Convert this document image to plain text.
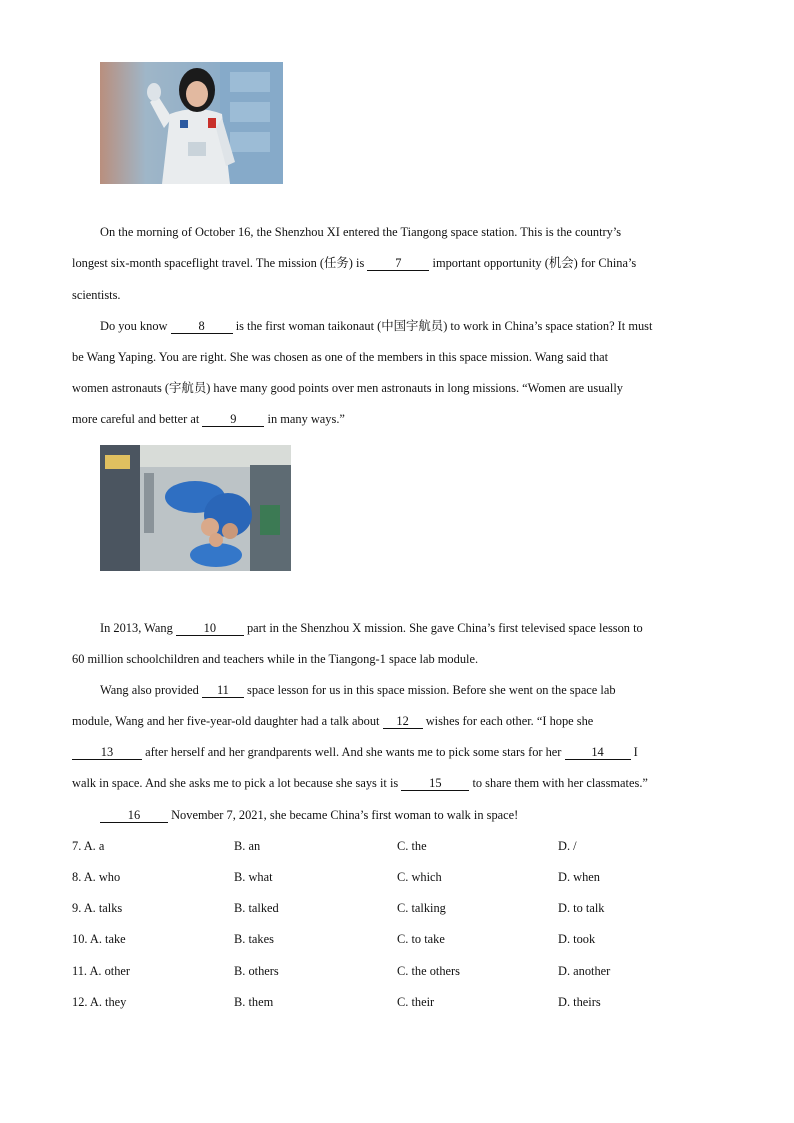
On the morning of October 16, the Shenzhou XI entered the Tiangong space station. This is the country’s
longest six-month spaceflight travel. The mission (任务) is	7	important opportunity (机会) for China’s
scientists.
Do you know	8	is the first woman taikonaut (中国宇航员) to work in China’s space station? It must
be Wang Yaping. You are right. She was chosen as one of the members in this space mission. Wang said that
women astronauts (宇航员) have many good points over men astronauts in long missions. “Women are usually
more careful and better at	9	in many ways.”
In 2013, Wang 10 part in the Shenzhou X mission. She gave China’s first televised space lesson to
60 million schoolchildren and teachers while in the Tiangong-1 space lab module.
Wang also provided 11 space lesson for us in this space mission. Before she went on the space lab
module, Wang and her five-year-old daughter had a talk about 12 wishes for each other. “I hope she
13	after herself and her grandparents well. And she wants me to pick some stars for her 14 I
walk in space. And she asks me to pick a lot because she says it is 15 to share them with her classmates.”
16 November 7, 2021, she became China’s first woman to walk in space!
7. A. a	B. an	C. the	D. /
8. A. who	B. what	C. which	D. when
9. A. talks	B. talked	C. talking	D. to talk
10. A. take	B. takes	C. to take	D. took
11. A. other	B. others	C. the others	D. another
12. A. they	B. them	C. their	D. theirs
